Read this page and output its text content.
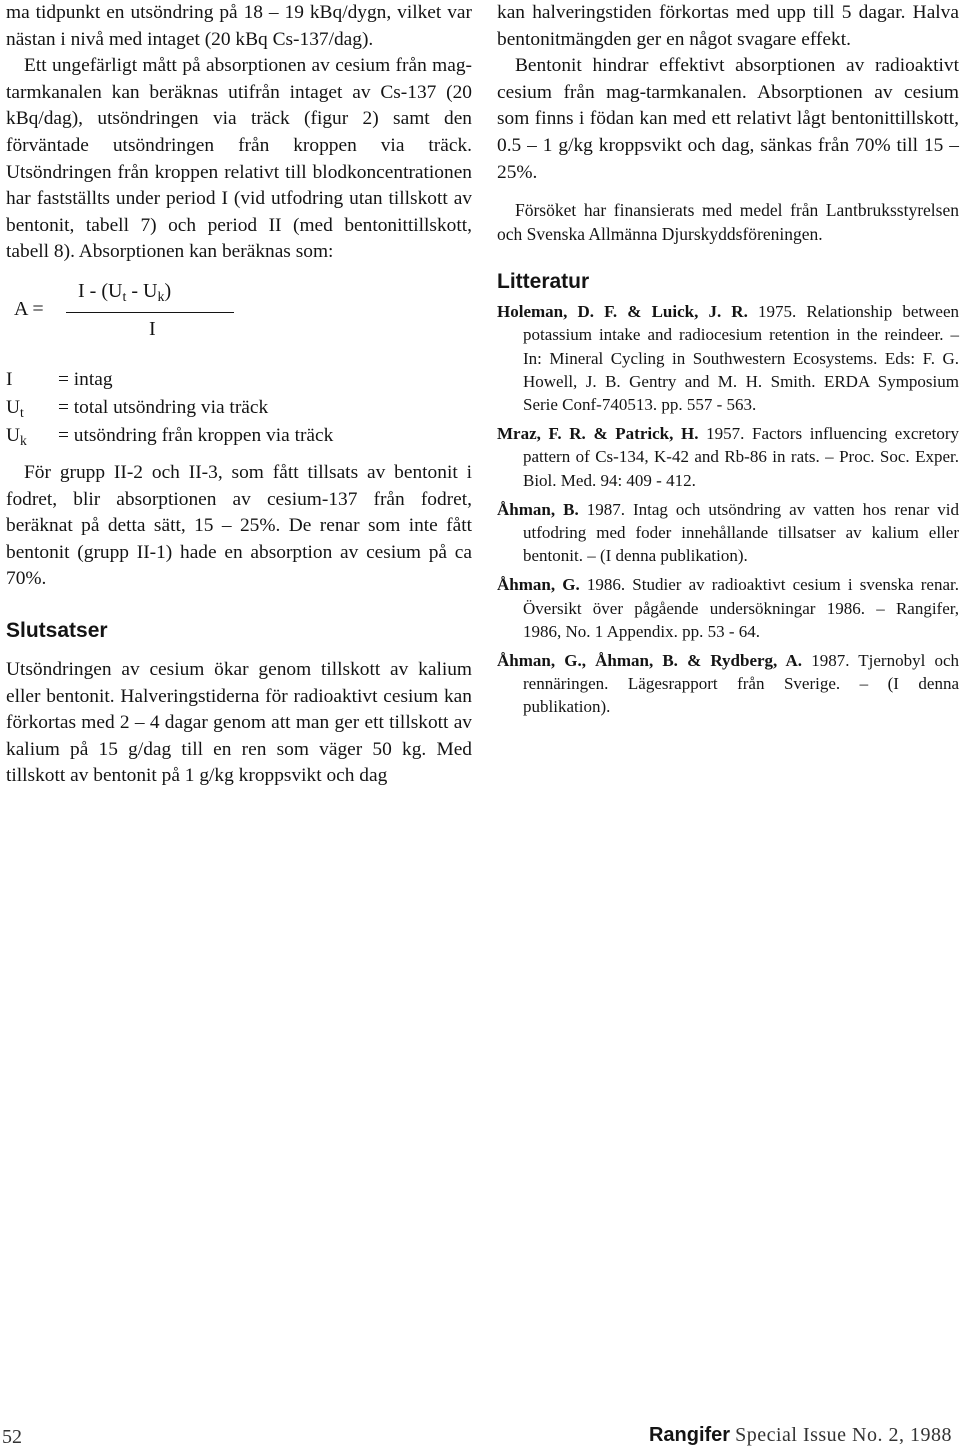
ma tidpunkt en utsöndring på 18 – 19 kBq/dygn, vilket var nästan i nivå med intaget (20 kBq Cs-137/dag).

Ett ungefärligt mått på absorptionen av cesium från mag-tarmkanalen kan beräknas utifrån intaget av Cs-137 (20 kBq/dag), utsöndringen via träck (figur 2) samt den förväntade utsöndringen från kroppen via träck. Utsöndringen från kroppen relativt till blodkoncentrationen har fastställts under period I (vid utfodring utan tillskott av bentonit, tabell 7) och period II (med bentonittillskott, tabell 8). Absorptionen kan beräknas som:

A =
I - $(U_t - U_k)$
I
I	= intag
$U_t$	= total utsöndring via träck
$U_k$	= utsöndring från kroppen via träck

För grupp II-2 och II-3, som fått tillsats av bentonit i fodret, blir absorptionen av cesium-137 från fodret, beräknat på detta sätt, 15 – 25%. De renar som inte fått bentonit (grupp II-1) hade en absorption av cesium på ca 70%.

Slutsatser

Utsöndringen av cesium ökar genom tillskott av kalium eller bentonit. Halveringstiderna för radioaktivt cesium kan förkortas med 2 – 4 dagar genom att man ger ett tillskott av kalium på 15 g/dag till en ren som väger 50 kg. Med tillskott av bentonit på 1 g/kg kroppsvikt och dag

kan halveringstiden förkortas med upp till 5 dagar. Halva bentonitmängden ger en något svagare effekt.

Bentonit hindrar effektivt absorptionen av radioaktivt cesium från mag-tarmkanalen. Absorptionen av cesium som finns i födan kan med ett relativt lågt bentonittillskott, 0.5 – 1 g/kg kroppsvikt och dag, sänkas från 70% till 15 – 25%.

Försöket har finansierats med medel från Lantbruksstyrelsen och Svenska Allmänna Djurskyddsföreningen.

Litteratur

Holeman, D. F. & Luick, J. R. 1975. Relationship between potassium intake and radiocesium retention in the reindeer. – In: Mineral Cycling in Southwestern Ecosystems. Eds: F. G. Howell, J. B. Gentry and M. H. Smith. ERDA Symposium Serie Conf-740513. pp. 557 - 563.

Mraz, F. R. & Patrick, H. 1957. Factors influencing excretory pattern of Cs-134, K-42 and Rb-86 in rats. – Proc. Soc. Exper. Biol. Med. 94: 409 - 412.

Åhman, B. 1987. Intag och utsöndring av vatten hos renar vid utfodring med foder innehållande tillsatser av kalium eller bentonit. – (I denna publikation).

Åhman, G. 1986. Studier av radioaktivt cesium i svenska renar. Översikt över pågående undersökningar 1986. – Rangifer, 1986, No. 1 Appendix. pp. 53 - 64.

Åhman, G., Åhman, B. & Rydberg, A. 1987. Tjernobyl och rennäringen. Lägesrapport från Sverige. – (I denna publikation).

52	Rangifer Special Issue No. 2, 1988
